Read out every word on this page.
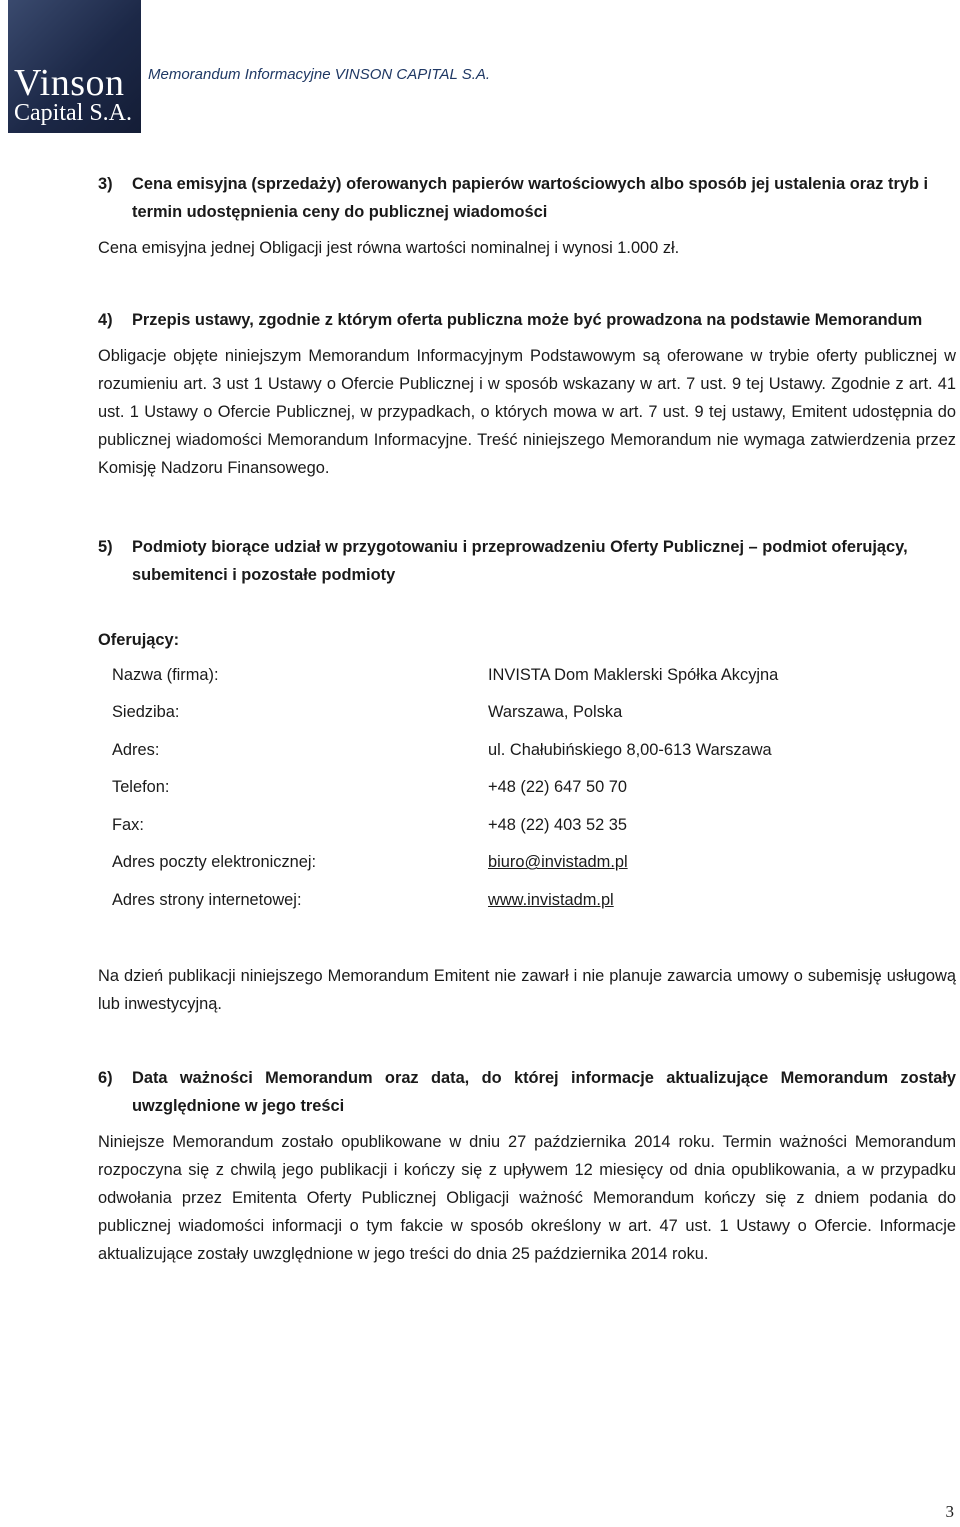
Vinson
Capital S.A.
Memorandum Informacyjne VINSON CAPITAL S.A.
3) Cena emisyjna (sprzedaży) oferowanych papierów wartościowych albo sposób jej ustalenia oraz tryb i termin udostępnienia ceny do publicznej wiadomości

Cena emisyjna jednej Obligacji jest równa wartości nominalnej i wynosi 1.000 zł.

4) Przepis ustawy, zgodnie z którym oferta publiczna może być prowadzona na podstawie Memorandum

Obligacje objęte niniejszym Memorandum Informacyjnym Podstawowym są oferowane w trybie oferty publicznej w rozumieniu art. 3 ust 1 Ustawy o Ofercie Publicznej i w sposób wskazany w art. 7 ust. 9 tej Ustawy. Zgodnie z art. 41 ust. 1 Ustawy o Ofercie Publicznej, w przypadkach, o których mowa w art. 7 ust. 9 tej ustawy, Emitent udostępnia do publicznej wiadomości Memorandum Informacyjne. Treść niniejszego Memorandum nie wymaga zatwierdzenia przez Komisję Nadzoru Finansowego.

5) Podmioty biorące udział w przygotowaniu i przeprowadzeniu Oferty Publicznej – podmiot oferujący, subemitenci i pozostałe podmioty

Oferujący:

Nazwa (firma):	INVISTA Dom Maklerski Spółka Akcyjna
Siedziba:	Warszawa, Polska
Adres:	ul. Chałubińskiego 8,00-613 Warszawa
Telefon:	+48 (22) 647 50 70
Fax:	+48 (22) 403 52 35
Adres poczty elektronicznej:	biuro@invistadm.pl
Adres strony internetowej:	www.invistadm.pl

Na dzień publikacji niniejszego Memorandum Emitent nie zawarł i nie planuje zawarcia umowy o subemisję usługową lub inwestycyjną.

6) Data ważności Memorandum oraz data, do której informacje aktualizujące Memorandum zostały uwzględnione w jego treści

Niniejsze Memorandum zostało opublikowane w dniu 27 października 2014 roku. Termin ważności Memorandum rozpoczyna się z chwilą jego publikacji i kończy się z upływem 12 miesięcy od dnia opublikowania, a w przypadku odwołania przez Emitenta Oferty Publicznej Obligacji ważność Memorandum kończy się z dniem podania do publicznej wiadomości informacji o tym fakcie w sposób określony w art. 47 ust. 1 Ustawy o Ofercie. Informacje aktualizujące zostały uwzględnione w jego treści do dnia 25 października 2014 roku.

3
